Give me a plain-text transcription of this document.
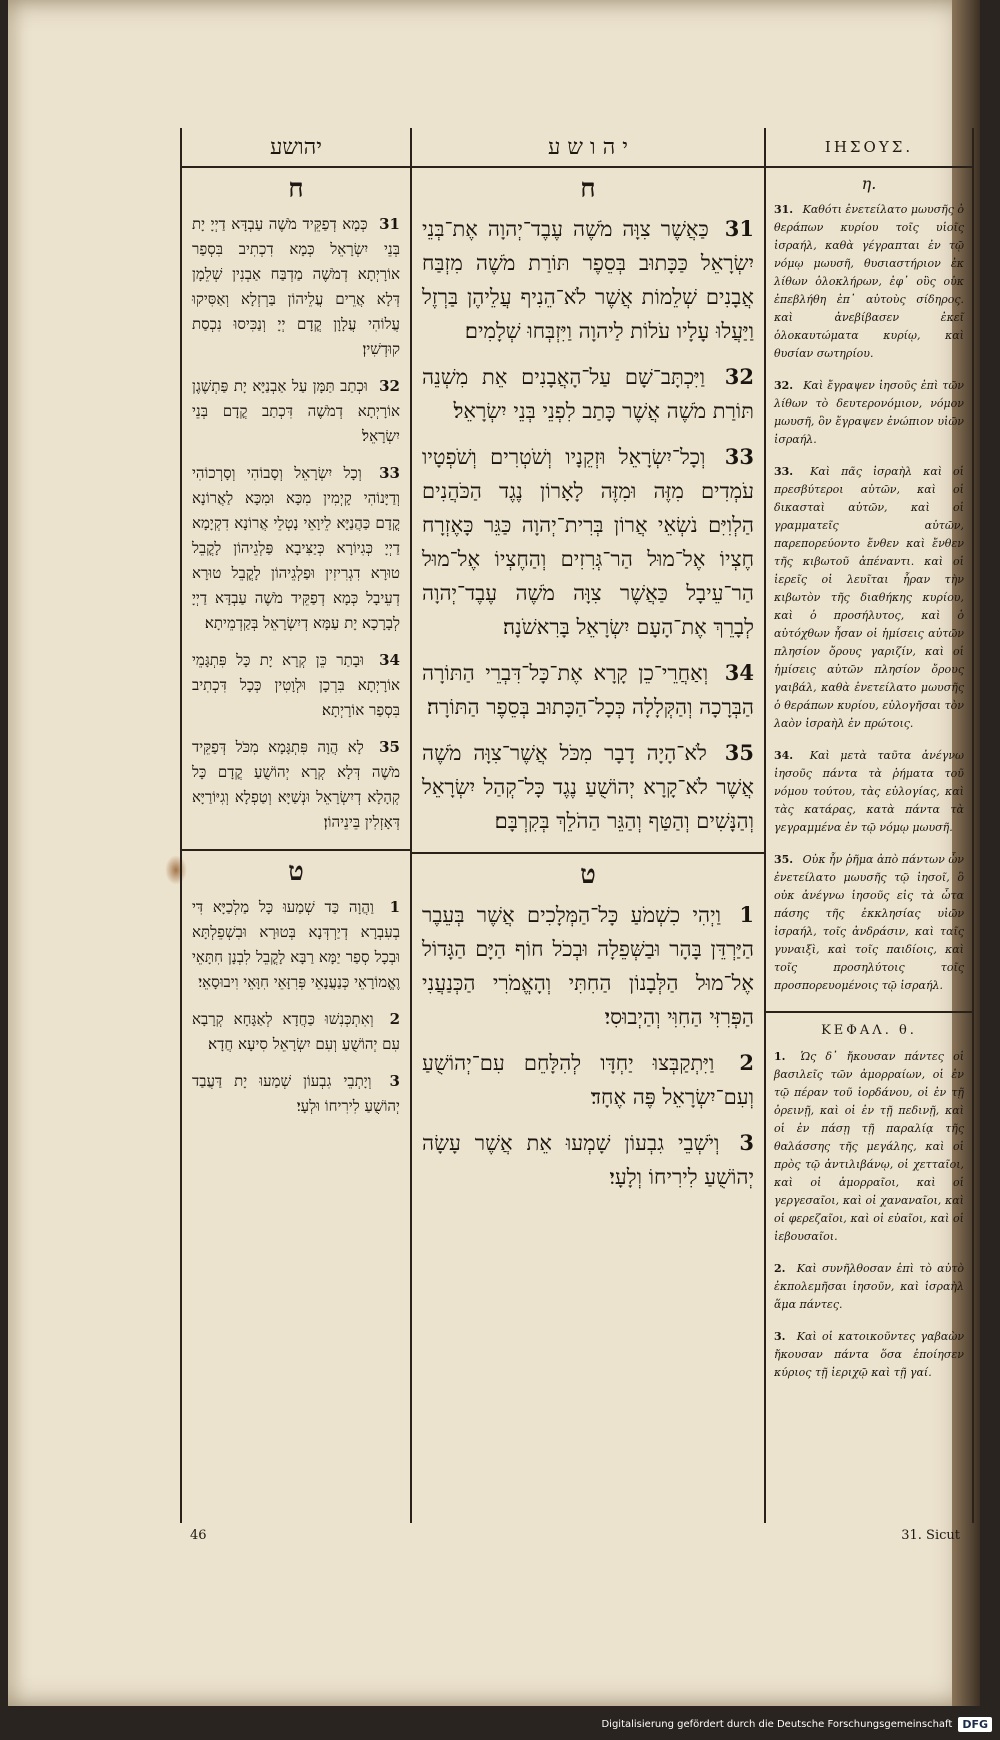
יהושע
ח
31 כְּמָא דְפַקֵּיד מֹשֶׁה עַבְדָּא דַיְיָ יָת בְּנֵי יִשְׂרָאֵל כְּמָא דִכְתִיב בִּסְפַר אוֹרָיְתָא דְמֹשֶׁה מַדְבַּח אַבְנִין שְׁלֵמָן דְּלָא אֲרֵים עֲלֵיהוֹן בַּרְזְלָא וְאַסִּיקוּ עֲלוֹהִי עֲלָוָן קֳדָם יְיָ וְנַכִּיסוּ נִכְסַת קוּדְשִׁין׃
32 וּכְתַב תַּמָּן עַל אַבְנַיָּא יָת פַּתְשֶׁגֶן אוֹרָיְתָא דְמֹשֶׁה דִּכְתַב קֳדָם בְּנֵי יִשְׂרָאֵל׃
33 וְכָל יִשְׂרָאֵל וְסָבוֹהִי וְסָרְכוֹהִי וְדַיָּנוֹהִי קָיְמִין מִכָּא וּמִכָּא לַאֲרוֹנָא קֳדָם כַּהֲנַיָּא לֵיוָאֵי נָטְלֵי אֲרוֹנָא דִקְיָמָא דַיְיָ כְּגִיוֹרָא כְּיַצִּיבָא פַּלְגֵיהוֹן לָקֳבֵל טוּרָא דִגְרִיזִין וּפַלְגֵיהוֹן לָקֳבֵל טוּרָא דְעֵיבָל כְּמָא דְפַקֵּיד מֹשֶׁה עַבְדָּא דַיְיָ לְבָרָכָא יָת עַמָּא דְיִשְׂרָאֵל בְּקַדְמֵיתָא׃
34 וּבָתַר כֵּן קְרָא יָת כָּל פִּתְגָּמֵי אוֹרָיְתָא בִּרְכָן וּלְוָטִין כְּכָל דִּכְתִיב בִּסְפַר אוֹרָיְתָא׃
35 לָא הֲוָה פִּתְגָּמָא מִכֹּל דְּפַקֵּיד מֹשֶׁה דְּלָא קְרָא יְהוֹשֻׁעַ קֳדָם כָּל קְהָלָא דְיִשְׂרָאֵל וּנְשַׁיָּא וְטַפְלָא וְגִיּוֹרַיָּא דְּאָזְלִין בֵּינֵיהוֹן׃
ט
1 וַהֲוָה כַּד שְׁמַעוּ כָּל מַלְכַיָּא דִּי בְעִבְרָא דְיַרְדְּנָא בְּטוּרָא וּבִשְׁפֵלְתָּא וּבְכָל סְפַר יַמָּא רַבָּא לָקֳבֵל לִבְנָן חִתָּאֵי וֶאֱמוֹרָאֵי כְּנַעֲנָאֵי פְּרִזָּאֵי חִוָּאֵי וִיבוּסָאֵי׃
2 וְאִתְכְּנִשׁוּ כַּחֲדָא לְאַגָּחָא קְרָבָא עִם יְהוֹשֻׁעַ וְעִם יִשְׂרָאֵל סִיעָא חֲדָא׃
3 וְיָתְבֵי גִבְעוֹן שְׁמַעוּ יָת דַּעֲבַד יְהוֹשֻׁעַ לִירִיחוֹ וּלְעָי׃
י ה ו ש ע
ח
31 כַּאֲשֶׁר צִוָּה מֹשֶׁה עֶבֶד־יְהוָה אֶת־בְּנֵי יִשְׂרָאֵל כַּכָּתוּב בְּסֵפֶר תּוֹרַת מֹשֶׁה מִזְבַּח אֲבָנִים שְׁלֵמוֹת אֲשֶׁר לֹא־הֵנִיף עֲלֵיהֶן בַּרְזֶל וַיַּעֲלוּ עָלָיו עֹלוֹת לַיהוָה וַיִּזְבְּחוּ שְׁלָמִים׃
32 וַיִּכְתָּב־שָׁם עַל־הָאֲבָנִים אֵת מִשְׁנֵה תּוֹרַת מֹשֶׁה אֲשֶׁר כָּתַב לִפְנֵי בְּנֵי יִשְׂרָאֵל׃
33 וְכָל־יִשְׂרָאֵל וּזְקֵנָיו וְשֹׁטְרִים וְשֹׁפְטָיו עֹמְדִים מִזֶּה וּמִזֶּה לָאָרוֹן נֶגֶד הַכֹּהֲנִים הַלְוִיִּם נֹשְׂאֵי אֲרוֹן בְּרִית־יְהוָה כַּגֵּר כָּאֶזְרָח חֶצְיוֹ אֶל־מוּל הַר־גְּרִזִים וְהַחֶצְיוֹ אֶל־מוּל הַר־עֵיבָל כַּאֲשֶׁר צִוָּה מֹשֶׁה עֶבֶד־יְהוָה לְבָרֵךְ אֶת־הָעָם יִשְׂרָאֵל בָּרִאשֹׁנָה׃
34 וְאַחֲרֵי־כֵן קָרָא אֶת־כָּל־דִּבְרֵי הַתּוֹרָה הַבְּרָכָה וְהַקְּלָלָה כְּכָל־הַכָּתוּב בְּסֵפֶר הַתּוֹרָה׃
35 לֹא־הָיָה דָבָר מִכֹּל אֲשֶׁר־צִוָּה מֹשֶׁה אֲשֶׁר לֹא־קָרָא יְהוֹשֻׁעַ נֶגֶד כָּל־קְהַל יִשְׂרָאֵל וְהַנָּשִׁים וְהַטַּף וְהַגֵּר הַהֹלֵךְ בְּקִרְבָּם׃
ט
1 וַיְהִי כִשְׁמֹעַ כָּל־הַמְּלָכִים אֲשֶׁר בְּעֵבֶר הַיַּרְדֵּן בָּהָר וּבַשְּׁפֵלָה וּבְכֹל חוֹף הַיָּם הַגָּדוֹל אֶל־מוּל הַלְּבָנוֹן הַחִתִּי וְהָאֱמֹרִי הַכְּנַעֲנִי הַפְּרִזִּי הַחִוִּי וְהַיְבוּסִי׃
2 וַיִּתְקַבְּצוּ יַחְדָּו לְהִלָּחֵם עִם־יְהוֹשֻׁעַ וְעִם־יִשְׂרָאֵל פֶּה אֶחָד׃
3 וְיֹשְׁבֵי גִבְעוֹן שָׁמְעוּ אֵת אֲשֶׁר עָשָׂה יְהוֹשֻׁעַ לִירִיחוֹ וְלָעָי׃
ΙΗΣΟΥΣ.
η.
31. Καθότι ἐνετείλατο μωυσῆς ὁ θεράπων κυρίου τοῖς υἱοῖς ἰσραήλ, καθὰ γέγραπται ἐν τῷ νόμῳ μωυσῆ, θυσιαστήριον ἐκ λίθων ὁλοκλήρων, ἐφ᾽ οὓς οὐκ ἐπεβλήθη ἐπ᾽ αὐτοὺς σίδηρος. καὶ ἀνεβίβασεν ἐκεῖ ὁλοκαυτώματα κυρίῳ, καὶ θυσίαν σωτηρίου.
32. Καὶ ἔγραψεν ἰησοῦς ἐπὶ τῶν λίθων τὸ δευτερονόμιον, νόμον μωυσῆ, ὃν ἔγραψεν ἐνώπιον υἱῶν ἰσραήλ.
33. Καὶ πᾶς ἰσραὴλ καὶ οἱ πρεσβύτεροι αὐτῶν, καὶ οἱ δικασταὶ αὐτῶν, καὶ οἱ γραμματεῖς αὐτῶν, παρεπορεύοντο ἔνθεν καὶ ἔνθεν τῆς κιβωτοῦ ἀπέναντι. καὶ οἱ ἱερεῖς οἱ λευῖται ἦραν τὴν κιβωτὸν τῆς διαθήκης κυρίου, καὶ ὁ προσήλυτος, καὶ ὁ αὐτόχθων ἦσαν οἱ ἡμίσεις αὐτῶν πλησίον ὄρους γαριζίν, καὶ οἱ ἡμίσεις αὐτῶν πλησίον ὄρους γαιβάλ, καθὰ ἐνετείλατο μωυσῆς ὁ θεράπων κυρίου, εὐλογῆσαι τὸν λαὸν ἰσραὴλ ἐν πρώτοις.
34. Καὶ μετὰ ταῦτα ἀνέγνω ἰησοῦς πάντα τὰ ῥήματα τοῦ νόμου τούτου, τὰς εὐλογίας, καὶ τὰς κατάρας, κατὰ πάντα τὰ γεγραμμένα ἐν τῷ νόμῳ μωυσῆ.
35. Οὐκ ἦν ῥῆμα ἀπὸ πάντων ὧν ἐνετείλατο μωυσῆς τῷ ἰησοῖ, ὃ οὐκ ἀνέγνω ἰησοῦς εἰς τὰ ὦτα πάσης τῆς ἐκκλησίας υἱῶν ἰσραήλ, τοῖς ἀνδράσιν, καὶ ταῖς γυναιξὶ, καὶ τοῖς παιδίοις, καὶ τοῖς προσηλύτοις τοῖς προσπορευομένοις τῷ ἰσραήλ.
ΚΕΦΑΛ. θ.
1. Ὡς δ᾽ ἤκουσαν πάντες οἱ βασιλεῖς τῶν ἀμορραίων, οἱ ἐν τῷ πέραν τοῦ ἰορδάνου, οἱ ἐν τῇ ὀρεινῇ, καὶ οἱ ἐν τῇ πεδινῇ, καὶ οἱ ἐν πάσῃ τῇ παραλίᾳ τῆς θαλάσσης τῆς μεγάλης, καὶ οἱ πρὸς τῷ ἀντιλιβάνῳ, οἱ χετταῖοι, καὶ οἱ ἀμορραῖοι, καὶ οἱ γεργεσαῖοι, καὶ οἱ χαναναῖοι, καὶ οἱ φερεζαῖοι, καὶ οἱ εὐαῖοι, καὶ οἱ ἰεβουσαῖοι.
2. Καὶ συνῆλθοσαν ἐπὶ τὸ αὐτὸ ἐκπολεμῆσαι ἰησοῦν, καὶ ἰσραὴλ ἅμα πάντες.
3. Καὶ οἱ κατοικοῦντες γαβαὼν ἤκουσαν πάντα ὅσα ἐποίησεν κύριος τῇ ἱεριχῷ καὶ τῇ γαί.
46	31. Sicut
Digitalisierung gefördert durch die Deutsche Forschungsgemeinschaft DFG
